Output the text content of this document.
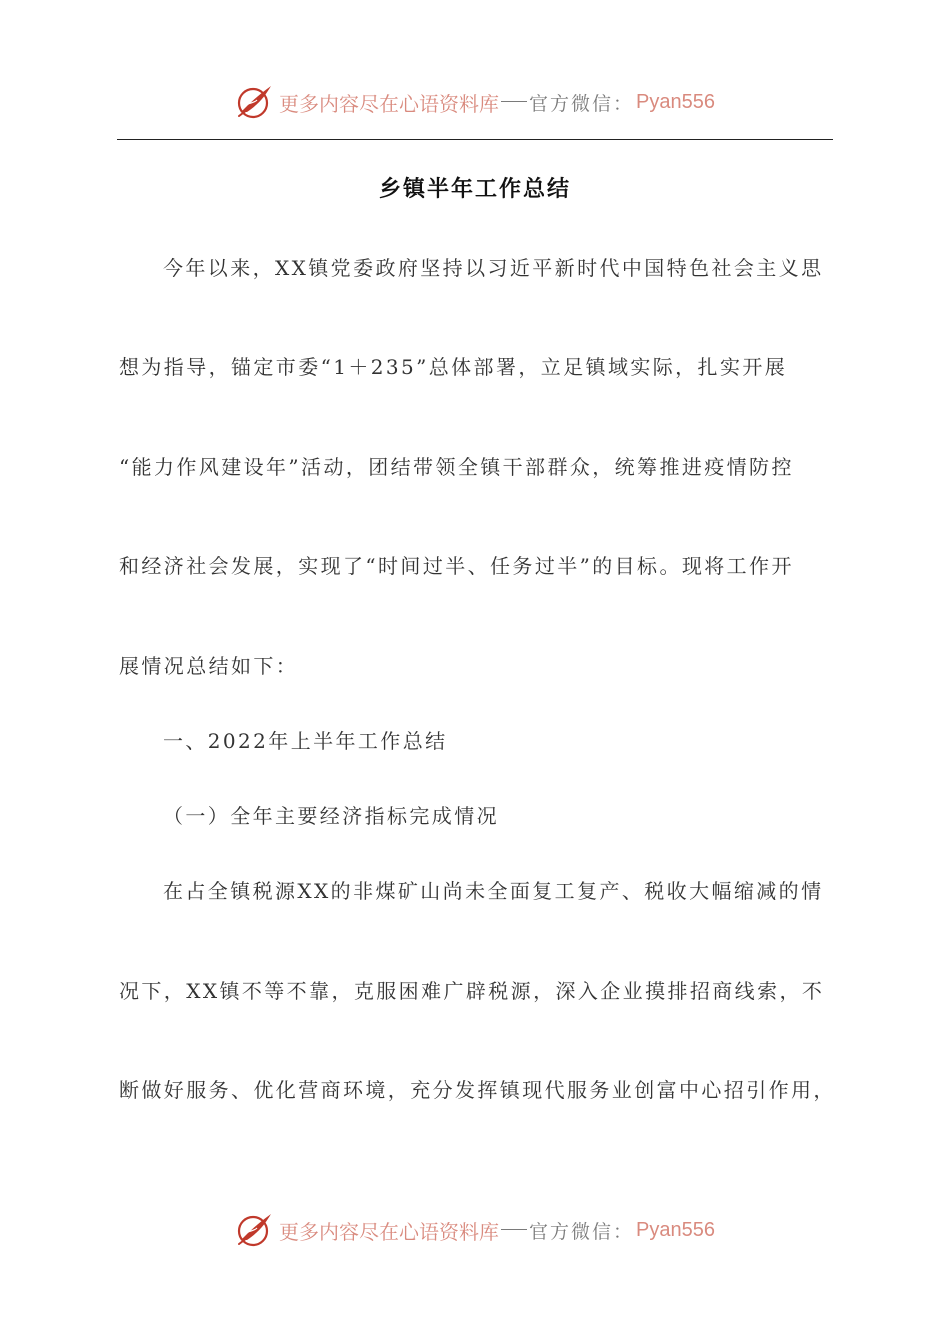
更多内容尽在心语资料库 官方微信： Pyan556
乡镇半年工作总结
今年以来，XX镇党委政府坚持以习近平新时代中国特色社会主义思
想为指导，锚定市委“1＋235”总体部署，立足镇域实际，扎实开展
“能力作风建设年”活动，团结带领全镇干部群众，统筹推进疫情防控
和经济社会发展，实现了“时间过半、任务过半”的目标。现将工作开
展情况总结如下：
一、2022年上半年工作总结
（一）全年主要经济指标完成情况
在占全镇税源XX的非煤矿山尚未全面复工复产、税收大幅缩减的情
况下，XX镇不等不靠，克服困难广辟税源，深入企业摸排招商线索，不
断做好服务、优化营商环境，充分发挥镇现代服务业创富中心招引作用，
更多内容尽在心语资料库 官方微信： Pyan556
